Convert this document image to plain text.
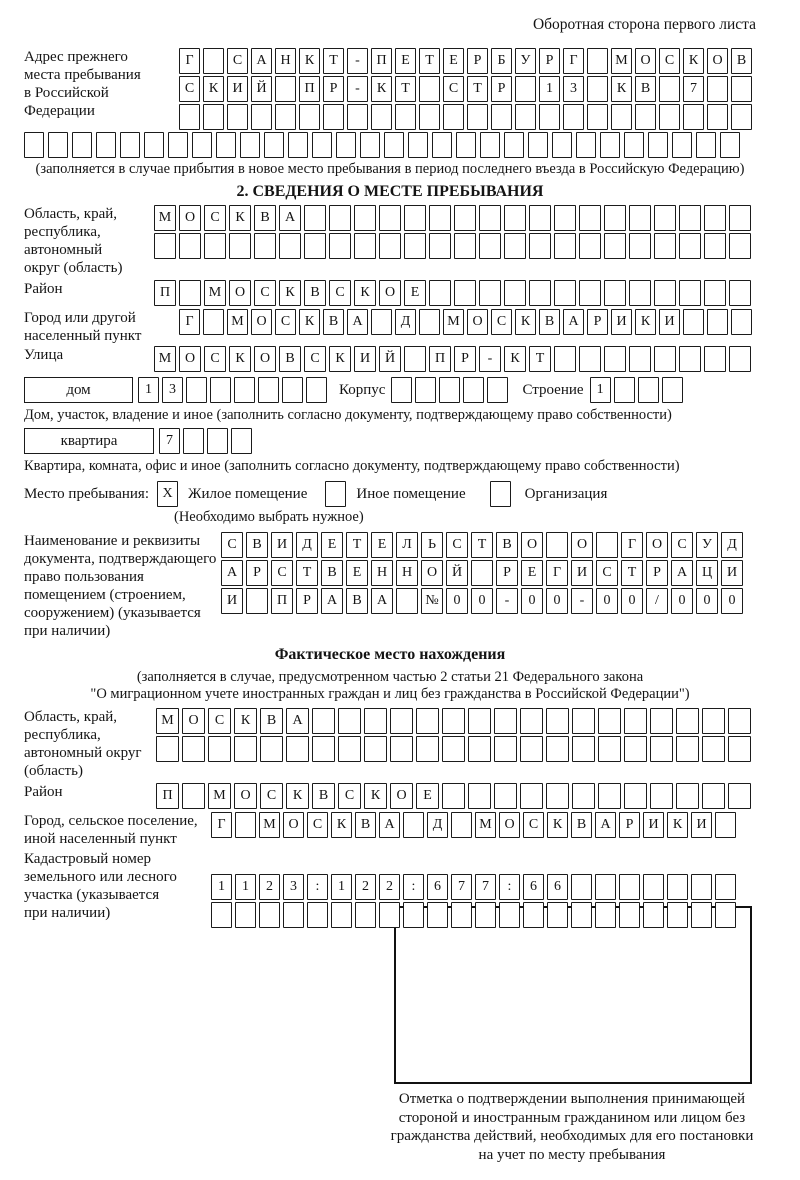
Оборотная сторона первого листа
Адрес прежнего
места пребывания
в Российской
Федерации
Г	С	А Н	К	Т	-	П	Е	Т	Е	Р	Б	У	Р	Г	М О	С	К	О	В
С	К	И Й	П	Р	-	К	Т	С	Т	Р	1	3	К	В	7
(заполняется в случае прибытия в новое место пребывания в период последнего въезда в Российскую Федерацию)
2. СВЕДЕНИЯ О МЕСТЕ ПРЕБЫВАНИЯ
Область, край,
республика,
автономный
округ (область)
М О	С	К	В	А
Район	П	М О	С	К	В	С	К	О	Е
Город или другой
населенный пункт
Г	М О	С	К	В	А	Д	М О	С	К	В	А	Р	И	К	И
Улица	М О	С	К	О	В	С	К	И	Й	П	Р	-	К	Т
дом	1	3	Корпус	Строение 1
Дом, участок, владение и иное (заполнить согласно документу, подтверждающему право собственности)
квартира	7
Квартира, комната, офис и иное (заполнить согласно документу, подтверждающему право собственности)
Место пребывания: X	Жилое помещение	Иное помещение	Организация
(Необходимо выбрать нужное)
Наименование и реквизиты
документа, подтверждающего
право пользования
помещением (строением,
сооружением) (указывается
при наличии)
С	В	И	Д	Е	Т	Е	Л	Ь	С	Т	В	О	О	Г	О	С	У	Д
А	Р	С	Т	В	Е	Н	Н	О	Й	Р	Е	Г	И	С	Т	Р	А	Ц	И
И	П	Р	А	В	А	№	0	0	-	0	0	-	0	0	/	0	0	0
Фактическое место нахождения
(заполняется в случае, предусмотренном частью 2 статьи 21 Федерального закона
"О миграционном учете иностранных граждан и лиц без гражданства в Российской Федерации")
Область, край,
республика,
автономный округ
(область)
М	О	С	К	В	А
Район	П	М	О	С	К	В	С	К	О	Е
Город, сельское поселение,
иной населенный пункт
Г	М О	С	К	В	А	Д	М О	С	К	В	А	Р	И	К	И
Кадастровый номер
земельного или лесного
участка (указывается
при наличии)
1	1	2	3	:	1	2	2	:	6	7	7	:	6	6
Отметка о подтверждении выполнения принимающей
стороной и иностранным гражданином или лицом без
гражданства действий, необходимых для его постановки
на учет по месту пребывания
